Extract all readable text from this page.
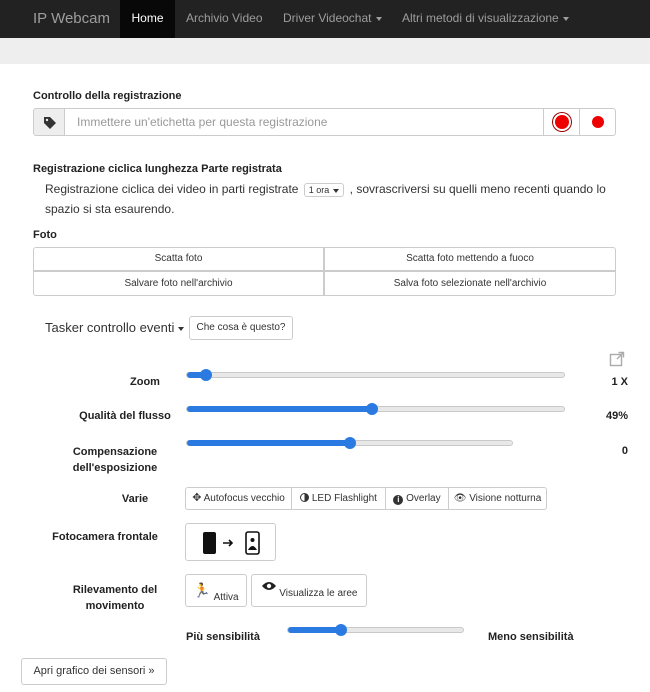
IP Webcam	Home	Archivio Video Driver Videochat	Altri metodi di visualizzazione
Controllo della registrazione
Immettere un'etichetta per questa registrazione
Registrazione ciclica lunghezza Parte registrata
Registrazione ciclica dei video in parti registrate 1 ora , sovrascriversi su quelli meno recenti quando lo
spazio si sta esaurendo.
Foto
Scatta foto	Scatta foto mettendo a fuoco
Salvare foto nell'archivio	Salva foto selezionate nell'archivio
Tasker controllo eventi	Che cosa è questo?
Zoom	1 X
Qualità del flusso	49%
Compensazione
dell'esposizione
0
Varie	✥ Autofocus vecchio	LED Flashlight	i Overlay	👁 Visione notturna
Fotocamera frontale
Rilevamento del
movimento
🏃 Attiva	Visualizza le aree
Più sensibilità	Meno sensibilità
Apri grafico dei sensori »
